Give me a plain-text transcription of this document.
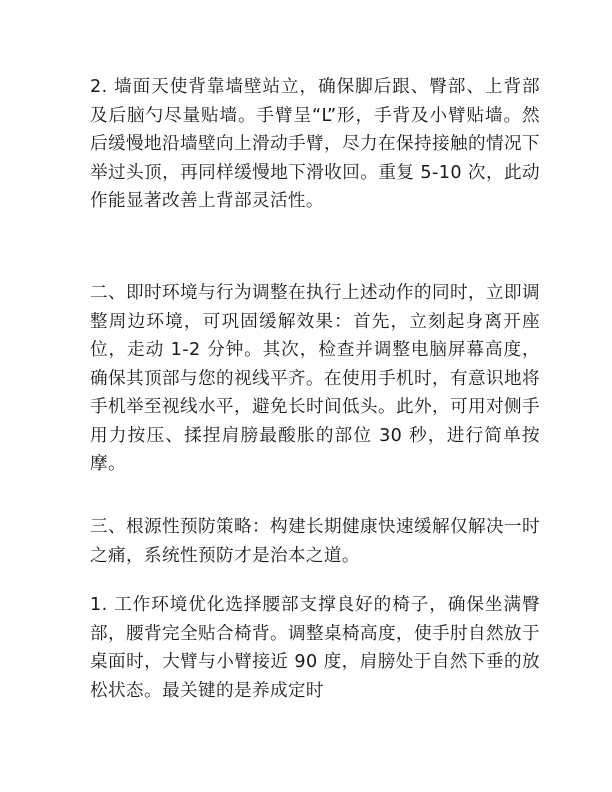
2. 墙面天使背靠墙壁站立，确保脚后跟、臀部、上背部及后脑勺尽量贴墙。手臂呈“L”形，手背及小臂贴墙。然后缓慢地沿墙壁向上滑动手臂，尽力在保持接触的情况下举过头顶，再同样缓慢地下滑收回。重复 5-10 次，此动作能显著改善上背部灵活性。

二、即时环境与行为调整在执行上述动作的同时，立即调整周边环境，可巩固缓解效果：首先，立刻起身离开座位，走动 1-2 分钟。其次，检查并调整电脑屏幕高度，确保其顶部与您的视线平齐。在使用手机时，有意识地将手机举至视线水平，避免长时间低头。此外，可用对侧手用力按压、揉捏肩膀最酸胀的部位 30 秒，进行简单按摩。

三、根源性预防策略：构建长期健康快速缓解仅解决一时之痛，系统性预防才是治本之道。

1. 工作环境优化选择腰部支撑良好的椅子，确保坐满臀部，腰背完全贴合椅背。调整桌椅高度，使手肘自然放于桌面时，大臂与小臂接近 90 度，肩膀处于自然下垂的放松状态。最关键的是养成定时
